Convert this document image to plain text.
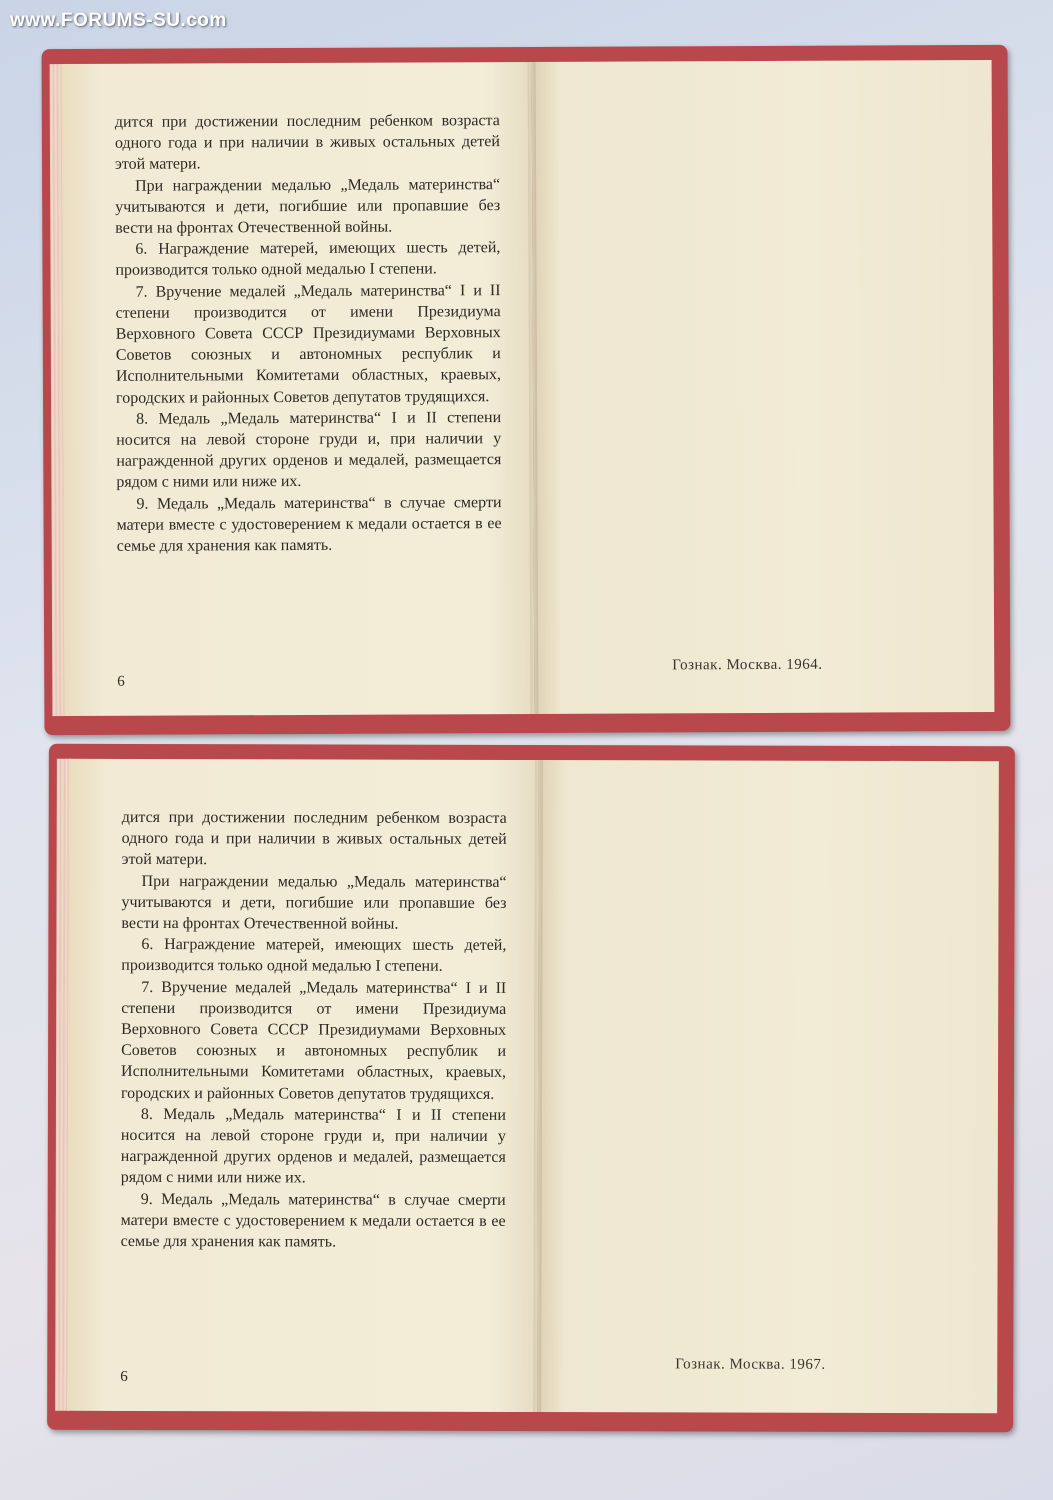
www.FORUMS-SU.com

дится при достижении последним ребенком возраста одного года и при наличии в живых остальных детей этой матери.

При награждении медалью „Медаль материнства“ учитываются и дети, погибшие или пропавшие без вести на фронтах Отечественной войны.

6. Награждение матерей, имеющих шесть детей, производится только одной медалью I степени.

7. Вручение медалей „Медаль материнства“ I и II степени производится от имени Президиума Верховного Совета СССР Президиумами Верховных Советов союзных и автономных республик и Исполнительными Комитетами областных, краевых, городских и районных Советов депутатов трудящихся.

8. Медаль „Медаль материнства“ I и II степени носится на левой стороне груди и, при наличии у награжденной других орденов и медалей, размещается рядом с ними или ниже их.

9. Медаль „Медаль материнства“ в случае смерти матери вместе с удостоверением к медали остается в ее семье для хранения как память.

6
Гознак. Москва. 1964.

дится при достижении последним ребенком возраста одного года и при наличии в живых остальных детей этой матери.

При награждении медалью „Медаль материнства“ учитываются и дети, погибшие или пропавшие без вести на фронтах Отечественной войны.

6. Награждение матерей, имеющих шесть детей, производится только одной медалью I степени.

7. Вручение медалей „Медаль материнства“ I и II степени производится от имени Президиума Верховного Совета СССР Президиумами Верховных Советов союзных и автономных республик и Исполнительными Комитетами областных, краевых, городских и районных Советов депутатов трудящихся.

8. Медаль „Медаль материнства“ I и II степени носится на левой стороне груди и, при наличии у награжденной других орденов и медалей, размещается рядом с ними или ниже их.

9. Медаль „Медаль материнства“ в случае смерти матери вместе с удостоверением к медали остается в ее семье для хранения как память.

6
Гознак. Москва. 1967.
